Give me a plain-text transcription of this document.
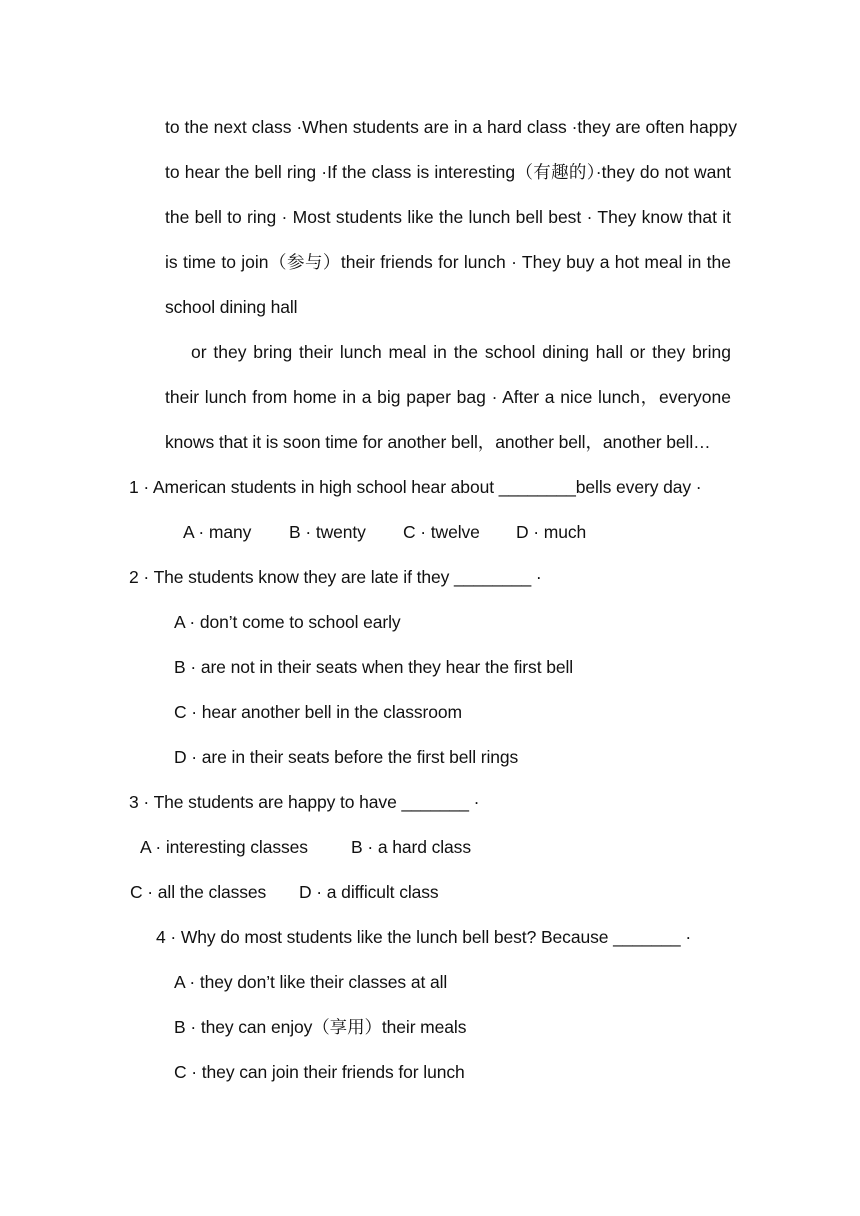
to the next class ·When students are in a hard class ·they are often happy
to hear the bell ring ·If the class is interesting（有趣的）·they do not want
the bell to ring · Most students like the lunch bell best · They know that it
is time to join（参与）their friends for lunch · They buy a hot meal in the
school dining hall
or they bring their lunch meal in the school dining hall or they bring
their lunch from home in a big paper bag · After a nice lunch，everyone
knows that it is soon time for another bell，another bell，another bell…
1 · American students in high school hear about ________bells every day ·
A · many B · twenty C · twelve D · much
2 · The students know they are late if they ________ ·
A · don’t come to school early
B · are not in their seats when they hear the first bell
C · hear another bell in the classroom
D · are in their seats before the first bell rings
3 · The students are happy to have _______ ·
A · interesting classes B · a hard class
C · all the classes D · a difficult class
4 · Why do most students like the lunch bell best? Because _______ ·
A · they don’t like their classes at all
B · they can enjoy（享用）their meals
C · they can join their friends for lunch
